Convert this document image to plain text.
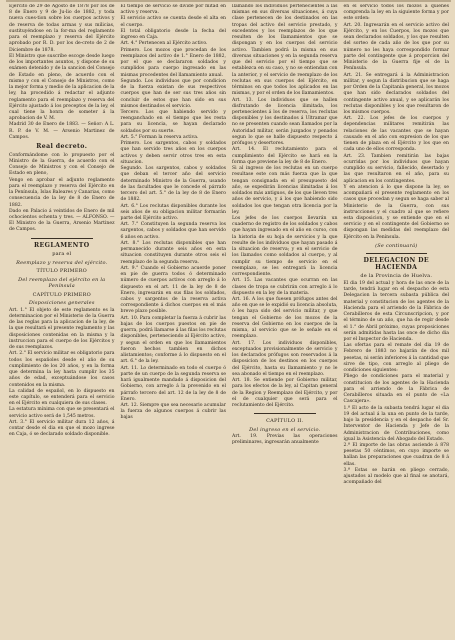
Ejército de 29 de Agosto de 1878 por los de 8 de Enero y 9 de Ju-lio de 1882, y toda nueva cues-tion sobre los cuerpos activos y de reserva de todas armas y sus milicias, sustituyéndose en la for-ma del reglamento para el reemplazo y reserva del Ejército aprobado por R. D. por los de-creto de 2 de Diciembre de 1878.

El Ministro que suscribe escoge desde luego de los importantes asuntos, y dispone de su exámen detenido y de la sancion del Consejo de Estado en pleno, de acuerdo con el mismo y con el Consejo de Ministros, como la mejor forma y medio de la aplicacion de la ley, ha procedido á redactar el adjunto reglamento para el reemplazo y reserva del Ejército ajustado á los preceptos de la ley, el cual tiene la honra de someter á la aprobacion de V. M.

Madrid 30 de Enero de 1883. — Señor: A L. R. P. de V. M. — Arsenio Martinez de Campos.

Real decreto.

Conformándome con lo propuesto por el Ministro de la Guerra, de acuerdo con el Consejo de Ministros y con el Consejo de Estado en pleno,

Vengo en aprobar el adjunto reglamento para el reemplazo y reserva del Ejército en la Península, Islas Baleares y Canarias, como consecuencia de la ley de 8 de Enero de 1882.

Dado en Palacio á veintidos de Enero de mil ochocientos ochenta y tres. — ALFONSO. — El Ministro de la Guerra, Arsenio Martinez de Campos.

REGLAMENTO

para el

Reemplazo y reserva del ejército.

TÍTULO PRIMERO

Del reemplazo del ejército en la Península

CAPÍTULO PRIMERO

Disposiciones generales

Art. 1.° El objeto de este reglamento es la determinacion por el Ministerio de la Guerra de las reglas para la aplicacion de la ley, de la que resultará el presente reglamento y las disposiciones contenidas en la misma y la instruccion para el cuerpo de los Ejércitos y de sus reemplazos.

Art. 2.° El servicio militar es obligatorio para todos los españoles desde el año de su cumplimiento de los 20 años, y en la forma que determina la ley hasta cumplir los 35 años de edad, exceptuándose los casos contenidos en la misma.

La calidad de español, en lo dispuesto en este capítulo, se entenderá para el servicio en el Ejército en cualquiera de sus clases.

La estatura mínima con que se presentará el servicio activo será de 1,545 metros.

Art. 3.° El servicio militar dura 12 años, á contar desde el dia en que el mozo ingrese en Caja, ó se declarado soldado disponible.

El tiempo de servicio se divide por mitad en activo y reserva.

El servicio activo se cuenta desde el alta en el cuerpo.

El total obligatorio desde la fecha del ingreso en Caja.

Art. 4.° Pertenecen al Ejército activo.

Primero. Los mozos que procedan de los reemplazos del activo de 1.° Enero de 1882, por el que se declararon soldados y cumplidos para cuerpo ingresado en las mismas procedentes del llamamiento anual.

Segundo. Los individuos que por condicion de la fuerza existan de sus respectivos cuerpos que han de ser sus tres años sin concluir de estos que han sido en sus mismos destinados el servicio.

Tercero. Los que habiendo servido y reenganchado en el tiempo que les resta para su licencia, se hayan declarado soldados por su suerte.

Art. 5.° Forman la reserva activa.

Primero. Los sargentos, cabos y soldados que han servido tres años en los cuerpos activos y deben servir otros tres en esta situacion.

Segundo. Los sargentos, cabos y soldados que deban el tercer año del servicio determinado Ministro de la Guerra, usando de las facultades que le concede el párrafo tercero del art. 5.° de la ley de 8 de Enero de 1882.

Art. 6.° Los reclutas disponibles durante los seis años de su obligacion militar formarán parte del Ejército activo.

Art. 7.° Constituyen la segunda reserva los sargentos, cabos y soldados que han servido 6 años en activo.

Art. 8.° Los reclutas disponibles que han permanecido durante seis años en esta situacion constituyen durante otros seis el reemplazo de la segunda reserva.

Art. 9.° Cuando el Gobierno acuerde poner en pie de guerra todos ó determinado número de cuerpos activos con arreglo á lo dispuesto en el art. 11 de la ley de 8 de Enero, ingresarán en sus filas los soldados, cabos y sargentos de la reserva activa correspondiente á dichos cuerpos en el más breve plazo posible.

Art. 10. Para completar la fuerza á cubrir las bajas de los cuerpos puestos en pie de guerra, podrá llamarse á las filas los reclutas disponibles, perteneciendo al Ejército activo, y segun el orden en que los llamamientos fueron hechos tambien en dichos alistamientos; conforme á lo dispuesto en el art. 6.° de la ley.

Art. 11. Lo determinado en todo el cuerpo ó parte de un cuerpo de la segunda reserva se hará igualmente mandado á disposicion del Gobierno, con arreglo á la prevenido en el párrafo tercero del art. 12 de la ley de 8 de Enero.

Art. 12. Siempre que sea necesario acumular la fuerza de algunos cuerpos á cubrir las bajas

llamando los individuos pertenecientes á las mismas en sus diversas situaciones, á cuya clase pertenecen de los destinados en las tropas del activo del servicio prestado, y excedentes y los reemplazos de los que resulten de los llamamientos que se dispongan y en los cuerpos del servicio activo. Tambien podrá la misma en sus diversas situaciones y en la segunda reserva que del servicio por el tiempo que se establezca en su caso, y no se entiendan con la anterior, y el servicio de reemplazo de los reclutas en sus cuerpos del Ejército, en términos en que todos los aplicados en las mismas, y por el orden de los llamamientos.

Art. 13. Los individuos que se hallen disfrutando de licencia ilimitada, los pertenecientes á los de reserva, los reclutas disponibles y los destinados á Ultramar que no se presenten cuando sean llamados por la Autoridad militar, serán juzgados y penados segun lo que se halle dispuesto respecto á prófugos y desertores.

Art. 14. El reclutamiento para el cumplimiento del Ejército se hará en la forma que previene la ley de 8 de Enero.

Si al ingreso de los reclutas en un cuerpo resultase este con más fuerza que la que tengan consignada en el presupuesto del año, se expedirán licencias ilimitadas á los soldados más antiguos, de los que lleven tres años de servicio, y á los que habiendo sido soldados los que tengan otra licencia por la ley.

Los jefes de los cuerpos llevarán un cuaderno de registro de los soldados y cabos que hayan ingresado en el año en curso, con la historia de su hoja de servicios y la que resulte de los individuos que hayan pasado á la situacion de reserva; y en el servicio de los llamados como soldados al cuerpo, y al cumplir su tiempo de servicio en el reemplazo, se les entregará la licencia correspondiente.

Art. 15. Las vacantes que ocurran en las clases de tropa se cubrirán con arreglo á lo dispuesto en la ley de la materia.

Art. 16. A los que fuesen prófugos antes del año en que se le expidió su licencia absoluta, ó les haya sido del servicio militar, y que tengan el Gobierno de los mozos de la reserva del Gobierno en los cuerpos de la misma, al servicio que se le señale en el reemplazo.

Art. 17. Los individuos disponibles, exceptuados provisionalmente de servicio y los declarados prófugos son reservados á la disposicion de los destinos en los cuerpos del Ejército, hasta su llamamiento y no le sea abonado el tiempo en el reemplazo.

Art. 18. Se entiende por Gobierno militar, para los efectos de la ley, al Capitan general de la Region y Reemplazo del Ejército, y por el de cualquier que será para el reclutamiento del Ejército.

CAPÍTULO II.

Del ingreso en el servicio.

Art. 19. Previas las operaciones preliminares, ingresarán anualmente

en el servicio todos los mozos á quienes comprenda la ley en la siguiente forma y por este orden:

Art. 20. Ingresarán en el servicio activo del Ejército, y en los Cuerpos, los mozos que sean declarados soldados, y los que resulten del sorteo de cada año de los que por su número no les haya correspondido formar parte del contingente que á proporcion del Ministerio de la Guerra fije el de la Península.

Art. 21. Se entregará á la Administracion militar, y segun la distribucion que se haga por Orden de la Capitanía general, los mozos que han sido declarados soldados del contingente activo anual, y se aplicarán los reclutas disponibles y los que resultaron de los mismos cuerpos.

Art. 22. Los jefes de los cuerpos y dependencias militares remitirán las relaciones de las vacantes que se hayan causado en el año con expresion de los que tienen de plaza en el Ejército y los que en cada uno de ellos corresponda.

Art. 23. Tambien remitirán las bajas ocurridas por los individuos que hayan cumplido su servicio, fallecido, desertado y las que resultaron en el año, para su aplicacion en los contingentes.

Y en atencion á lo que dispone la ley, se acompañará el presente reglamento en los casos que procedan y segun se haga saber al Ministerio de la Guerra, con sus instrucciones y el cuadro al que se refiere esta disposicion, y se entiende que en el servicio y en el contingente del Gobierno se dispongan las medidas del reemplazo del Ejército en la Península.

(Se continuará)

DELEGACION DE HACIENDA

de la Provincia de Huelva.

El dia 19 del actual y hora de las once de la tarde, tendrá lugar en el despacho de esta Delegacion la tercera subasta pública del material y constitucion de los agentes de la Hacienda para el arriendo de la Fábrica de Cerabilleros de esta Circunscripcion, y por el término de un año, que ha de regir desde el 1.° de Abril próximo, cuyas proposiciones serán admitidas hasta las once de dicho dia por el Inspector de Hacienda.

Las ofertas para el remate del dia 19 de Febrero de 1883 no bajarán de dos mil pesetas, ni serán inferiores á la cantidad que sirve de tipo, con arreglo al pliego de condiciones siguientes:

Pliego de condiciones para el material y constitucion de los agentes de la Hacienda para el arriendo de la Fábrica de Cerabilleros situada en el punto de «La Cascajera».

1.ª El acto de la subasta tendrá lugar el dia 19 del actual á la una en punto de la tarde, bajo la presidencia y en el despacho del Sr. Interventor de Hacienda y Jefe de la Administracion de Contribuciones, como igual la Asistencia del Abogado del Estado.

2.ª El importe de las obras asciende á 878 pesetas 50 céntimos, en cuyo importe se hallan las preparaciones que cuadran de 8 á ellas.

3.ª Estas se harán en pliego cerrado, ajustados al modelo que al final se anotará, acompañado del
